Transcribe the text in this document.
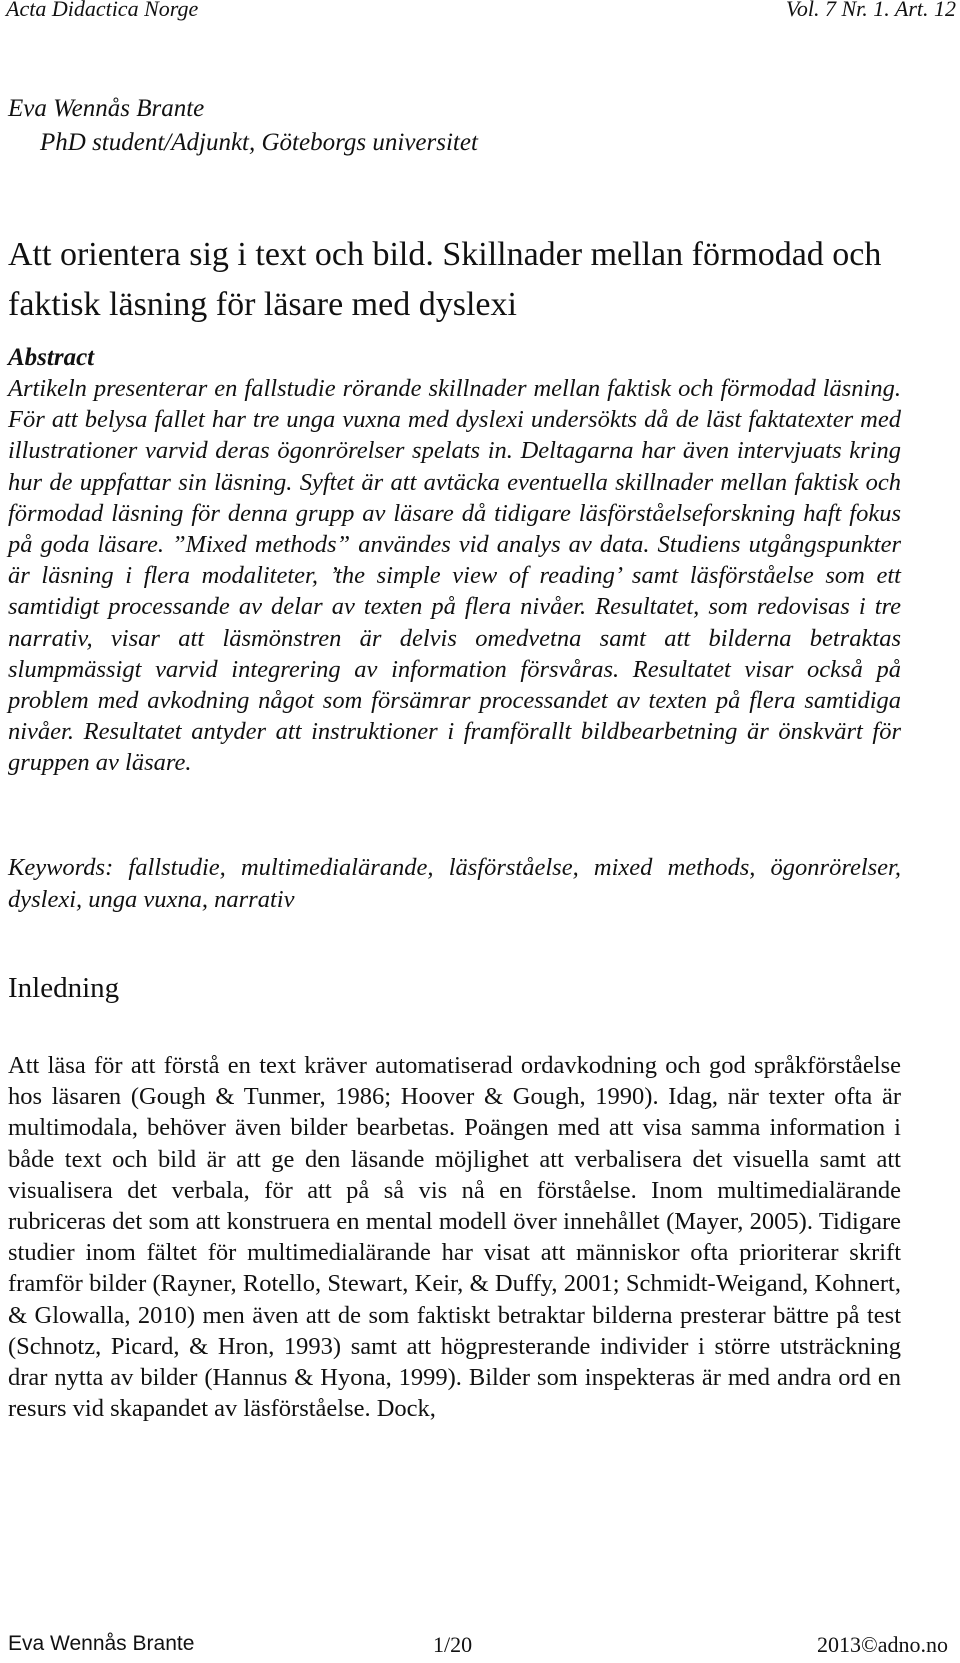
Acta Didactica Norge	Vol. 7 Nr. 1. Art. 12
Eva Wennås Brante
PhD student/Adjunkt, Göteborgs universitet
Att orientera sig i text och bild. Skillnader mellan förmodad och faktisk läsning för läsare med dyslexi
Abstract

Artikeln presenterar en fallstudie rörande skillnader mellan faktisk och förmodad läsning. För att belysa fallet har tre unga vuxna med dyslexi undersökts då de läst faktatexter med illustrationer varvid deras ögonrörelser spelats in. Deltagarna har även intervjuats kring hur de uppfattar sin läsning. Syftet är att avtäcka eventuella skillnader mellan faktisk och förmodad läsning för denna grupp av läsare då tidigare läsförståelseforskning haft fokus på goda läsare. ”Mixed methods” användes vid analys av data. Studiens utgångspunkter är läsning i flera modaliteter, ’the simple view of reading’ samt läsförståelse som ett samtidigt processande av delar av texten på flera nivåer. Resultatet, som redovisas i tre narrativ, visar att läsmönstren är delvis omedvetna samt att bilderna betraktas slumpmässigt varvid integrering av information försvåras. Resultatet visar också på problem med avkodning något som försämrar processandet av texten på flera samtidiga nivåer. Resultatet antyder att instruktioner i framförallt bildbearbetning är önskvärt för gruppen av läsare.

Keywords: fallstudie, multimedialärande, läsförståelse, mixed methods, ögonrörelser, dyslexi, unga vuxna, narrativ

Inledning

Att läsa för att förstå en text kräver automatiserad ordavkodning och god språkförståelse hos läsaren (Gough & Tunmer, 1986; Hoover & Gough, 1990). Idag, när texter ofta är multimodala, behöver även bilder bearbetas. Poängen med att visa samma information i både text och bild är att ge den läsande möjlighet att verbalisera det visuella samt att visualisera det verbala, för att på så vis nå en förståelse. Inom multimedialärande rubriceras det som att konstruera en mental modell över innehållet (Mayer, 2005). Tidigare studier inom fältet för multimedialärande har visat att människor ofta prioriterar skrift framför bilder (Rayner, Rotello, Stewart, Keir, & Duffy, 2001; Schmidt-Weigand, Kohnert, & Glowalla, 2010) men även att de som faktiskt betraktar bilderna presterar bättre på test (Schnotz, Picard, & Hron, 1993) samt att högpresterande individer i större utsträckning drar nytta av bilder (Hannus & Hyona, 1999). Bilder som inspekteras är med andra ord en resurs vid skapandet av läsförståelse. Dock,

Eva Wennås Brante	1/20	2013©adno.no
